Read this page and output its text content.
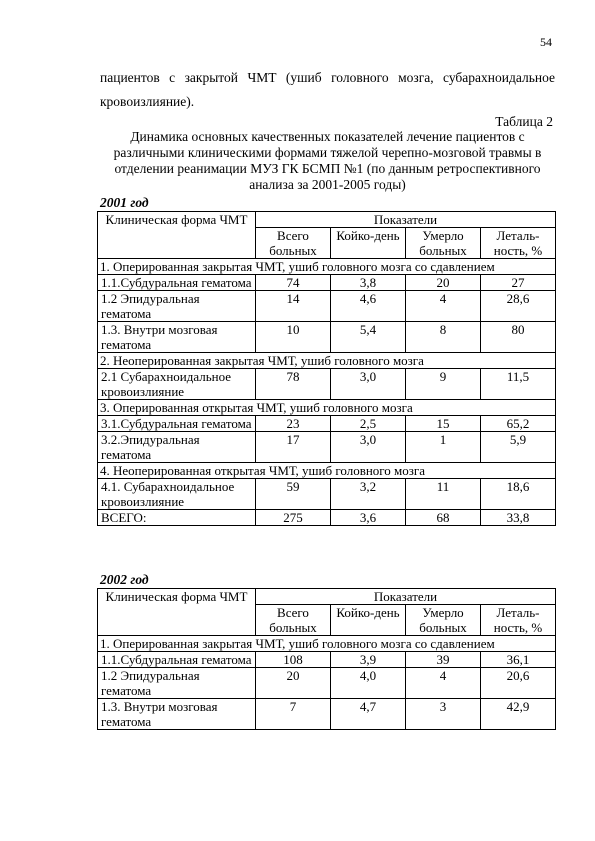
54
пациентов с закрытой ЧМТ (ушиб головного мозга, субарахноидальное
кровоизлияние).
Таблица 2
Динамика основных качественных показателей лечение пациентов с различными клиническими формами тяжелой черепно-мозговой травмы в отделении реанимации МУЗ ГК БСМП №1 (по данным ретроспективного анализа за 2001-2005 годы)
2001 год
Клиническая форма ЧМТ	Показатели			
	Всего больных	Койко-день	Умерло больных	Леталь-ность, %
1. Оперированная закрытая ЧМТ, ушиб головного мозга со сдавлением				
1.1.Субдуральная гематома	74	3,8	20	27
1.2 Эпидуральная гематома	14	4,6	4	28,6
1.3. Внутри мозговая гематома	10	5,4	8	80
2. Неоперированная закрытая ЧМТ, ушиб головного мозга				
2.1 Субарахноидальное кровоизлияние	78	3,0	9	11,5
3. Оперированная открытая ЧМТ, ушиб головного мозга				
3.1.Субдуральная гематома	23	2,5	15	65,2
3.2.Эпидуральная гематома	17	3,0	1	5,9
4. Неоперированная открытая ЧМТ, ушиб головного мозга				
4.1. Субарахноидальное кровоизлияние	59	3,2	11	18,6
ВСЕГО:	275	3,6	68	33,8
2002 год
Клиническая форма ЧМТ	Показатели			
	Всего больных	Койко-день	Умерло больных	Леталь-ность, %
1. Оперированная закрытая ЧМТ, ушиб головного мозга со сдавлением				
1.1.Субдуральная гематома	108	3,9	39	36,1
1.2 Эпидуральная гематома	20	4,0	4	20,6
1.3. Внутри мозговая гематома	7	4,7	3	42,9
